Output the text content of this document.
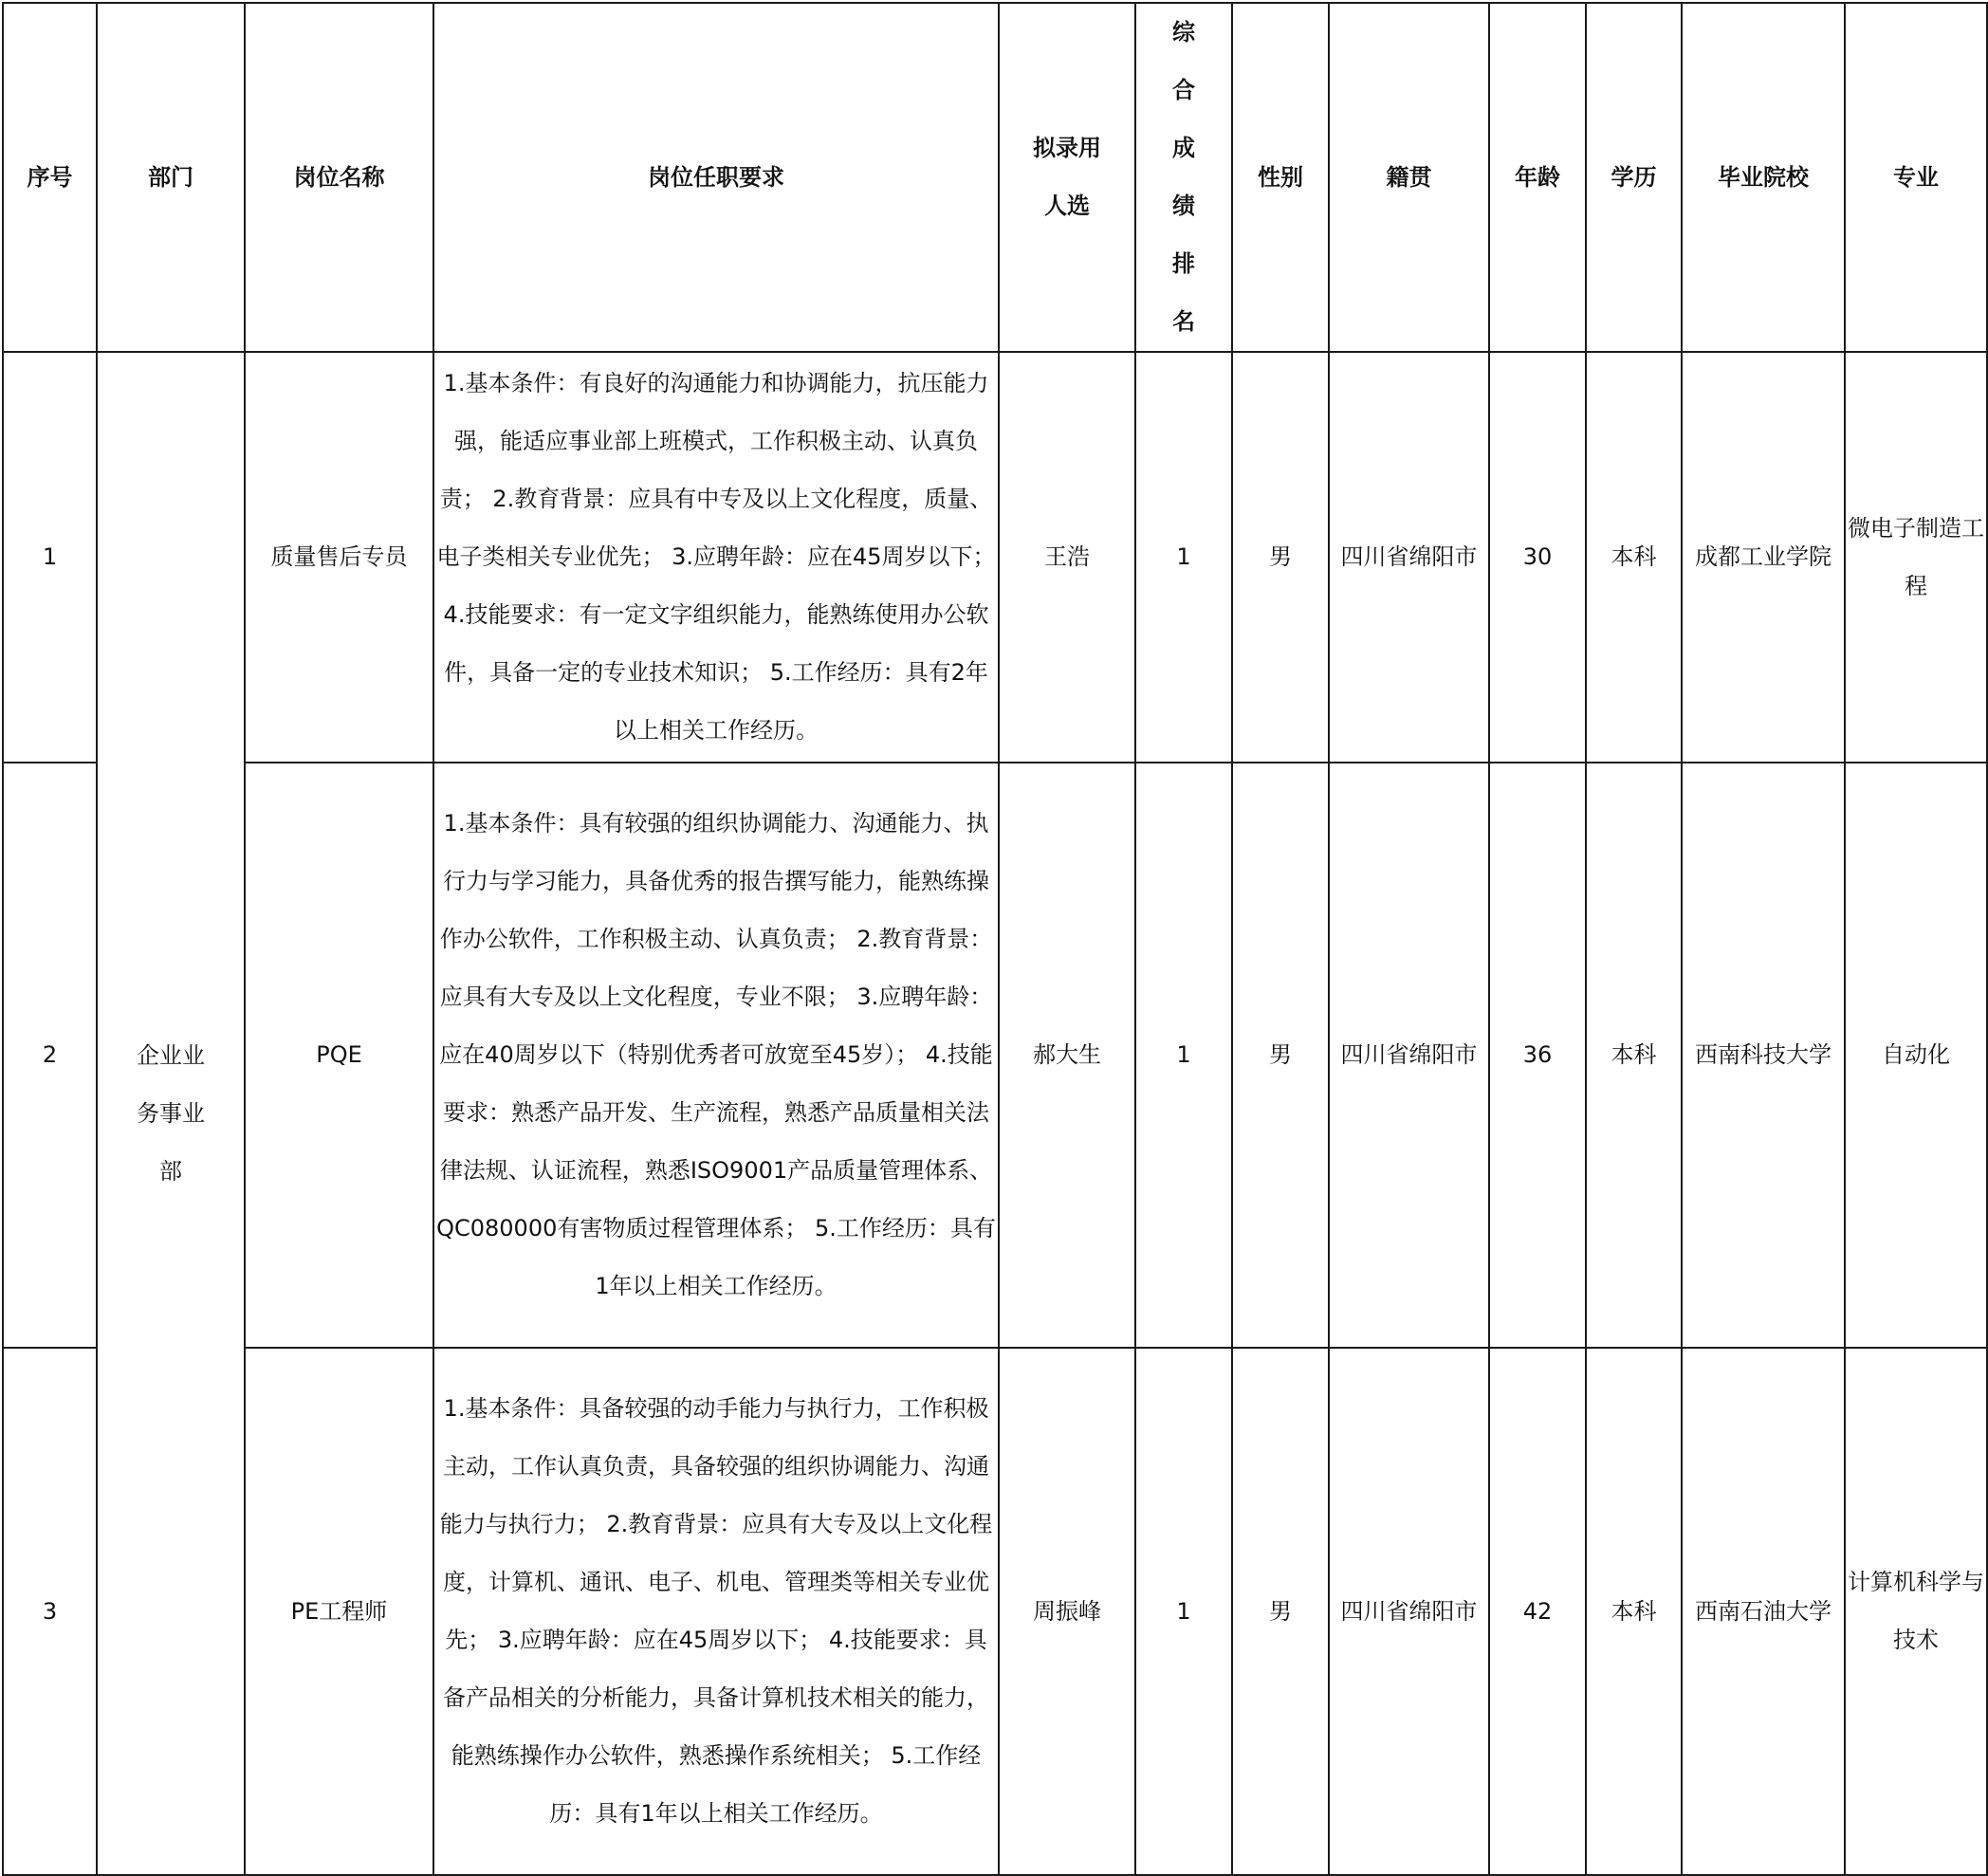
序号	部门	岗位名称	岗位任职要求	拟录用人选	综合成绩排名	性别	籍贯	年龄	学历	毕业院校	专业
1	企业业务事业部	质量售后专员	1.基本条件：有良好的沟通能力和协调能力，抗压能力强，能适应事业部上班模式，工作积极主动、认真负责； 2.教育背景：应具有中专及以上文化程度，质量、电子类相关专业优先； 3.应聘年龄：应在45周岁以下； 4.技能要求：有一定文字组织能力，能熟练使用办公软件，具备一定的专业技术知识； 5.工作经历：具有2年以上相关工作经历。	王浩	1	男	四川省绵阳市	30	本科	成都工业学院	微电子制造工程
2		PQE	1.基本条件：具有较强的组织协调能力、沟通能力、执行力与学习能力，具备优秀的报告撰写能力，能熟练操作办公软件，工作积极主动、认真负责； 2.教育背景：应具有大专及以上文化程度，专业不限； 3.应聘年龄：应在40周岁以下（特别优秀者可放宽至45岁）； 4.技能要求：熟悉产品开发、生产流程，熟悉产品质量相关法律法规、认证流程，熟悉ISO9001产品质量管理体系、QC080000有害物质过程管理体系； 5.工作经历：具有1年以上相关工作经历。	郝大生	1	男	四川省绵阳市	36	本科	西南科技大学	自动化
3		PE工程师	1.基本条件：具备较强的动手能力与执行力，工作积极主动，工作认真负责，具备较强的组织协调能力、沟通能力与执行力； 2.教育背景：应具有大专及以上文化程度，计算机、通讯、电子、机电、管理类等相关专业优先； 3.应聘年龄：应在45周岁以下； 4.技能要求：具备产品相关的分析能力，具备计算机技术相关的能力，能熟练操作办公软件，熟悉操作系统相关； 5.工作经历：具有1年以上相关工作经历。	周振峰	1	男	四川省绵阳市	42	本科	西南石油大学	计算机科学与技术
